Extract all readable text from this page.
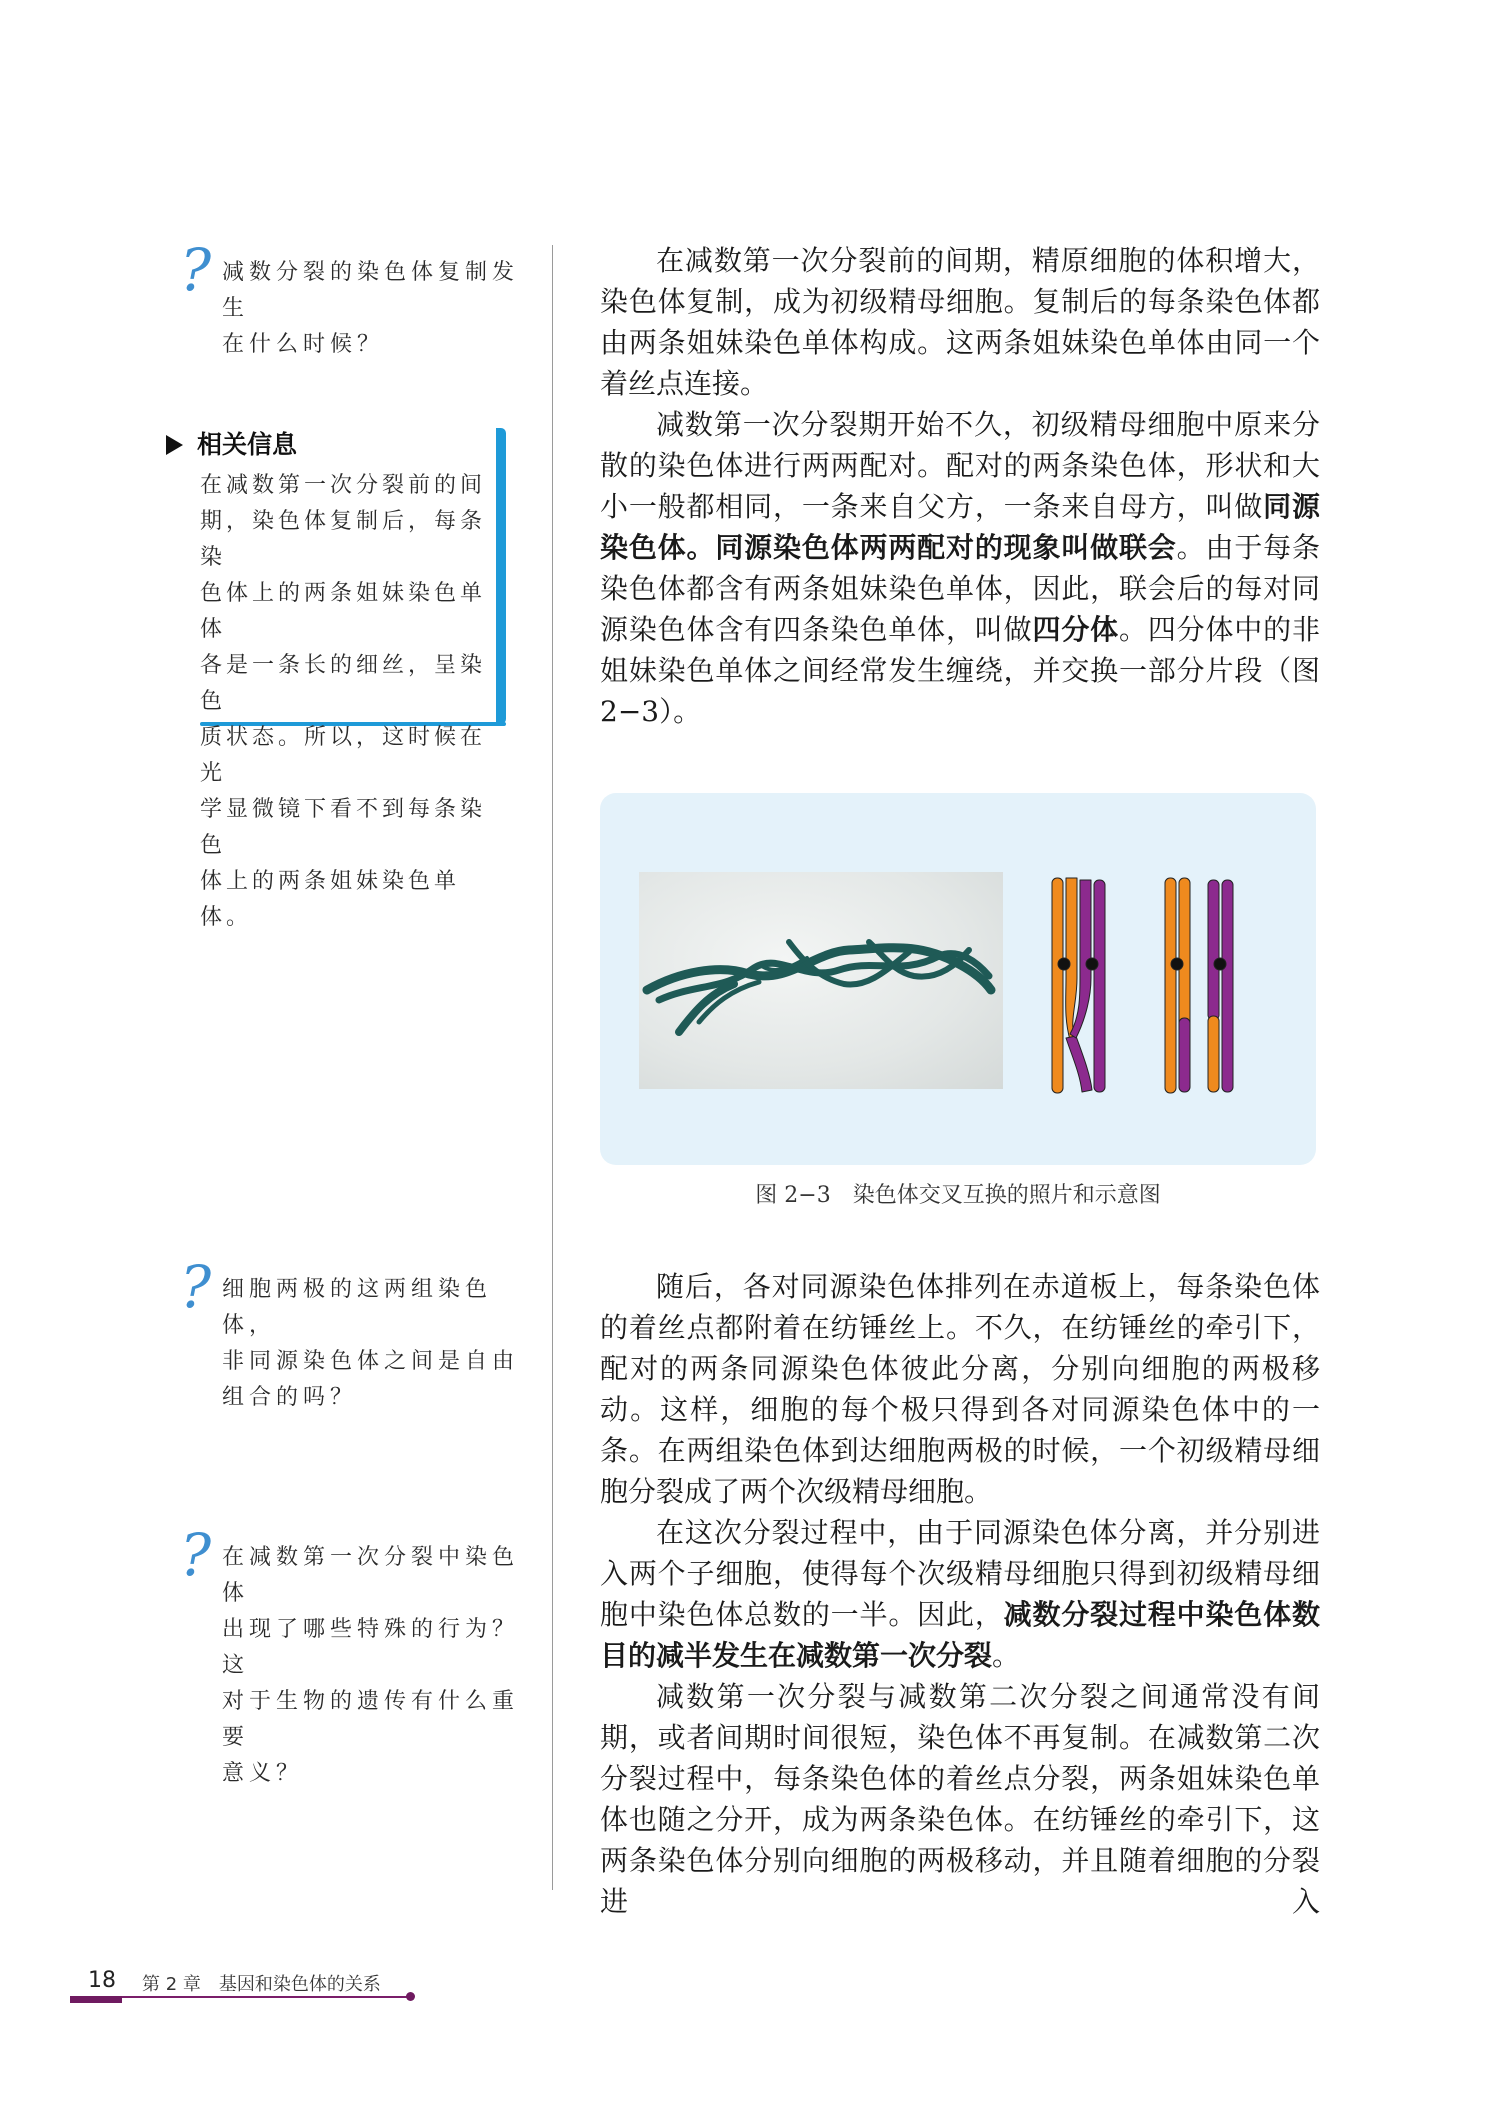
? 减数分裂的染色体复制发生

在什么时候？

相关信息

在减数第一次分裂前的间

期，染色体复制后，每条染

色体上的两条姐妹染色单体

各是一条长的细丝，呈染色

质状态。所以，这时候在光

学显微镜下看不到每条染色

体上的两条姐妹染色单体。

? 细胞两极的这两组染色体，

非同源染色体之间是自由

组合的吗？

? 在减数第一次分裂中染色体

出现了哪些特殊的行为？这

对于生物的遗传有什么重要

意义？

在减数第一次分裂前的间期，精原细胞的体积增大，染色体复制，成为初级精母细胞。复制后的每条染色体都由两条姐妹染色单体构成。这两条姐妹染色单体由同一个着丝点连接。

减数第一次分裂期开始不久，初级精母细胞中原来分散的染色体进行两两配对。配对的两条染色体，形状和大小一般都相同，一条来自父方，一条来自母方，叫做同源染色体。同源染色体两两配对的现象叫做联会。由于每条染色体都含有两条姐妹染色单体，因此，联会后的每对同源染色体含有四条染色单体，叫做四分体。四分体中的非姐妹染色单体之间经常发生缠绕，并交换一部分片段（图2−3）。

图 2−3　染色体交叉互换的照片和示意图

随后，各对同源染色体排列在赤道板上，每条染色体的着丝点都附着在纺锤丝上。不久，在纺锤丝的牵引下，配对的两条同源染色体彼此分离，分别向细胞的两极移动。这样，细胞的每个极只得到各对同源染色体中的一条。在两组染色体到达细胞两极的时候，一个初级精母细胞分裂成了两个次级精母细胞。

在这次分裂过程中，由于同源染色体分离，并分别进入两个子细胞，使得每个次级精母细胞只得到初级精母细胞中染色体总数的一半。因此，减数分裂过程中染色体数目的减半发生在减数第一次分裂。

减数第一次分裂与减数第二次分裂之间通常没有间期，或者间期时间很短，染色体不再复制。在减数第二次分裂过程中，每条染色体的着丝点分裂，两条姐妹染色单体也随之分开，成为两条染色体。在纺锤丝的牵引下，这两条染色体分别向细胞的两极移动，并且随着细胞的分裂进入

18 第 2 章　基因和染色体的关系
